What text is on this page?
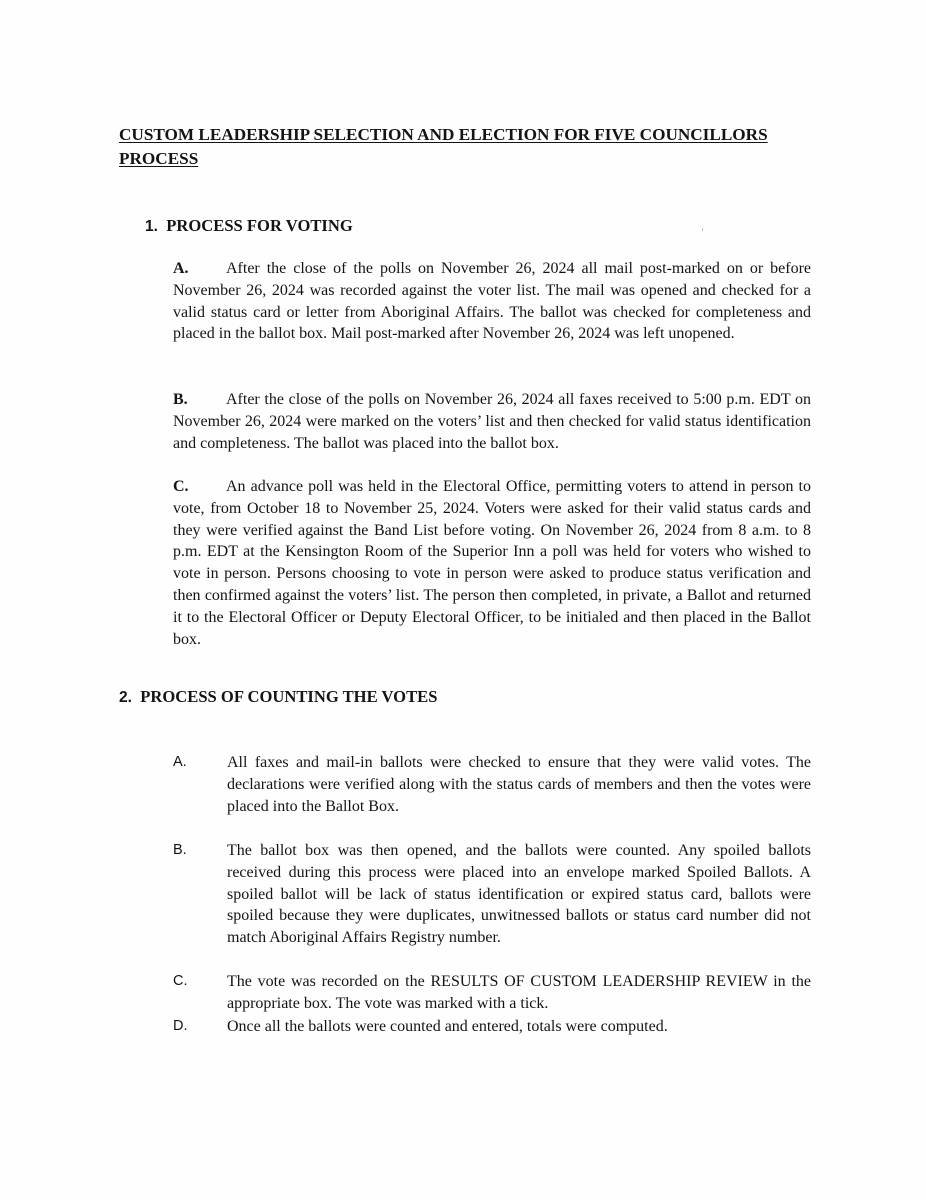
CUSTOM LEADERSHIP SELECTION AND ELECTION FOR FIVE COUNCILLORS PROCESS
1. PROCESS FOR VOTING
A. After the close of the polls on November 26, 2024 all mail post-marked on or before November 26, 2024 was recorded against the voter list. The mail was opened and checked for a valid status card or letter from Aboriginal Affairs. The ballot was checked for completeness and placed in the ballot box. Mail post-marked after November 26, 2024 was left unopened.
B. After the close of the polls on November 26, 2024 all faxes received to 5:00 p.m. EDT on November 26, 2024 were marked on the voters’ list and then checked for valid status identification and completeness. The ballot was placed into the ballot box.
C. An advance poll was held in the Electoral Office, permitting voters to attend in person to vote, from October 18 to November 25, 2024. Voters were asked for their valid status cards and they were verified against the Band List before voting. On November 26, 2024 from 8 a.m. to 8 p.m. EDT at the Kensington Room of the Superior Inn a poll was held for voters who wished to vote in person. Persons choosing to vote in person were asked to produce status verification and then confirmed against the voters’ list. The person then completed, in private, a Ballot and returned it to the Electoral Officer or Deputy Electoral Officer, to be initialed and then placed in the Ballot box.
2. PROCESS OF COUNTING THE VOTES
A.	All faxes and mail-in ballots were checked to ensure that they were valid votes. The declarations were verified along with the status cards of members and then the votes were placed into the Ballot Box.
B.	The ballot box was then opened, and the ballots were counted. Any spoiled ballots received during this process were placed into an envelope marked Spoiled Ballots. A spoiled ballot will be lack of status identification or expired status card, ballots were spoiled because they were duplicates, unwitnessed ballots or status card number did not match Aboriginal Affairs Registry number.
C. The vote was recorded on the RESULTS OF CUSTOM LEADERSHIP REVIEW in the appropriate box. The vote was marked with a tick.
D. Once all the ballots were counted and entered, totals were computed.
